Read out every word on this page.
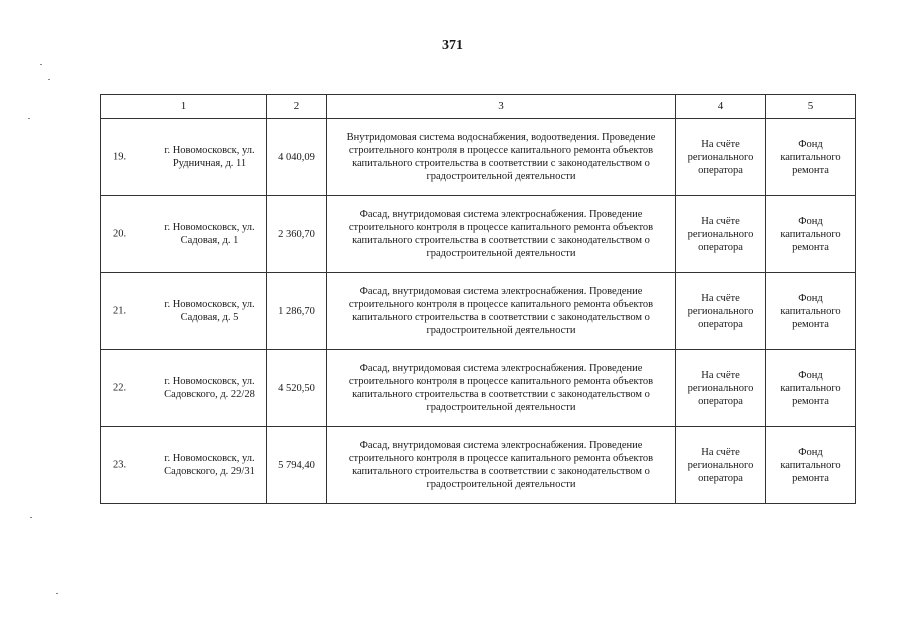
371
1	2	3	4	5

19.
г. Новомосковск, ул. Рудничная, д. 11	4 040,09	Внутридомовая система водоснабжения, водоотведения. Проведение строительного контроля в процессе капитального ремонта объектов капитального строительства в соответствии с законодательством о градостроительной деятельности	На счёте регионального оператора	Фонд капитального ремонта

20.
г. Новомосковск, ул. Садовая, д. 1	2 360,70	Фасад, внутридомовая система электроснабжения. Проведение строительного контроля в процессе капитального ремонта объектов капитального строительства в соответствии с законодательством о градостроительной деятельности	На счёте регионального оператора	Фонд капитального ремонта

21.
г. Новомосковск, ул. Садовая, д. 5	1 286,70	Фасад, внутридомовая система электроснабжения. Проведение строительного контроля в процессе капитального ремонта объектов капитального строительства в соответствии с законодательством о градостроительной деятельности	На счёте регионального оператора	Фонд капитального ремонта

22.
г. Новомосковск, ул. Садовского, д. 22/28	4 520,50	Фасад, внутридомовая система электроснабжения. Проведение строительного контроля в процессе капитального ремонта объектов капитального строительства в соответствии с законодательством о градостроительной деятельности	На счёте регионального оператора	Фонд капитального ремонта

23.
г. Новомосковск, ул. Садовского, д. 29/31	5 794,40	Фасад, внутридомовая система электроснабжения. Проведение строительного контроля в процессе капитального ремонта объектов капитального строительства в соответствии с законодательством о градостроительной деятельности	На счёте регионального оператора	Фонд капитального ремонта
